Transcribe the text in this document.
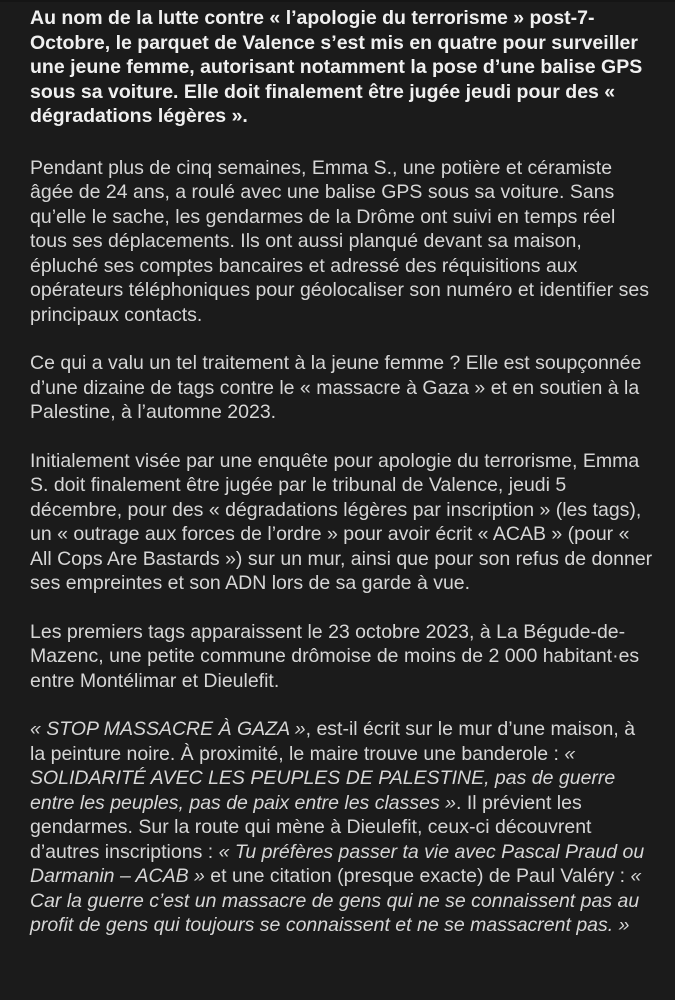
Au nom de la lutte contre « l’apologie du terrorisme » post-7-Octobre, le parquet de Valence s’est mis en quatre pour surveiller une jeune femme, autorisant notamment la pose d’une balise GPS sous sa voiture. Elle doit finalement être jugée jeudi pour des « dégradations légères ».

Pendant plus de cinq semaines, Emma S., une potière et céramiste âgée de 24 ans, a roulé avec une balise GPS sous sa voiture. Sans qu’elle le sache, les gendarmes de la Drôme ont suivi en temps réel tous ses déplacements. Ils ont aussi planqué devant sa maison, épluché ses comptes bancaires et adressé des réquisitions aux opérateurs téléphoniques pour géolocaliser son numéro et identifier ses principaux contacts.

Ce qui a valu un tel traitement à la jeune femme ? Elle est soupçonnée d’une dizaine de tags contre le « massacre à Gaza » et en soutien à la Palestine, à l’automne 2023.

Initialement visée par une enquête pour apologie du terrorisme, Emma S. doit finalement être jugée par le tribunal de Valence, jeudi 5 décembre, pour des « dégradations légères par inscription » (les tags), un « outrage aux forces de l’ordre » pour avoir écrit « ACAB » (pour « All Cops Are Bastards ») sur un mur, ainsi que pour son refus de donner ses empreintes et son ADN lors de sa garde à vue.

Les premiers tags apparaissent le 23 octobre 2023, à La Bégude-de-Mazenc, une petite commune drômoise de moins de 2 000 habitant·es entre Montélimar et Dieulefit.

« STOP MASSACRE À GAZA », est-il écrit sur le mur d’une maison, à la peinture noire. À proximité, le maire trouve une banderole : « SOLIDARITÉ AVEC LES PEUPLES DE PALESTINE, pas de guerre entre les peuples, pas de paix entre les classes ». Il prévient les gendarmes. Sur la route qui mène à Dieulefit, ceux-ci découvrent d’autres inscriptions : « Tu préfères passer ta vie avec Pascal Praud ou Darmanin – ACAB » et une citation (presque exacte) de Paul Valéry : « Car la guerre c’est un massacre de gens qui ne se connaissent pas au profit de gens qui toujours se connaissent et ne se massacrent pas. »
